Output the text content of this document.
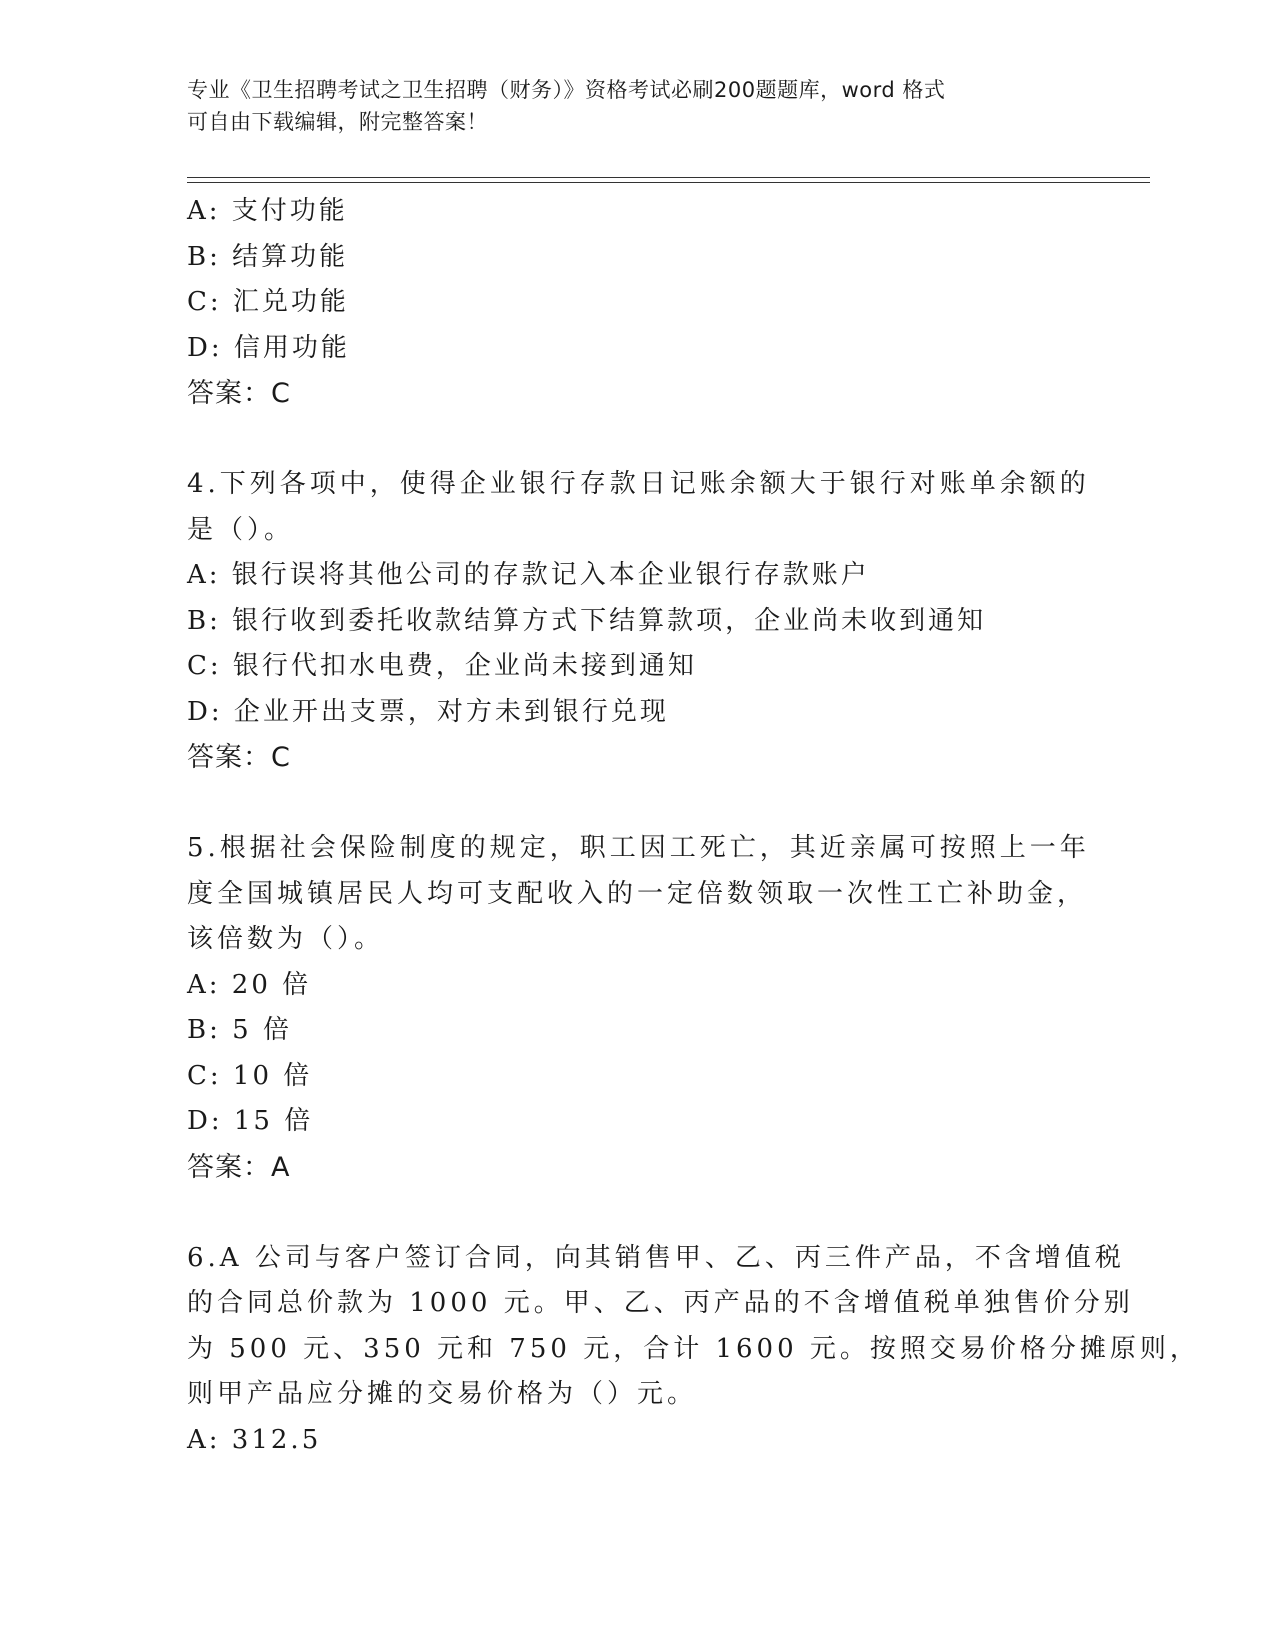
专业《卫生招聘考试之卫生招聘（财务）》资格考试必刷200题题库，word 格式
可自由下载编辑，附完整答案！
A: 支付功能
B: 结算功能
C: 汇兑功能
D: 信用功能
答案：C
4.下列各项中，使得企业银行存款日记账余额大于银行对账单余额的
是（）。
A: 银行误将其他公司的存款记入本企业银行存款账户
B: 银行收到委托收款结算方式下结算款项，企业尚未收到通知
C: 银行代扣水电费，企业尚未接到通知
D: 企业开出支票，对方未到银行兑现
答案：C
5.根据社会保险制度的规定，职工因工死亡，其近亲属可按照上一年
度全国城镇居民人均可支配收入的一定倍数领取一次性工亡补助金，
该倍数为（）。
A: 20 倍
B: 5 倍
C: 10 倍
D: 15 倍
答案：A
6.A 公司与客户签订合同，向其销售甲、乙、丙三件产品，不含增值税
的合同总价款为 1000 元。甲、乙、丙产品的不含增值税单独售价分别
为 500 元、350 元和 750 元，合计 1600 元。按照交易价格分摊原则，
则甲产品应分摊的交易价格为（）元。
A: 312.5
